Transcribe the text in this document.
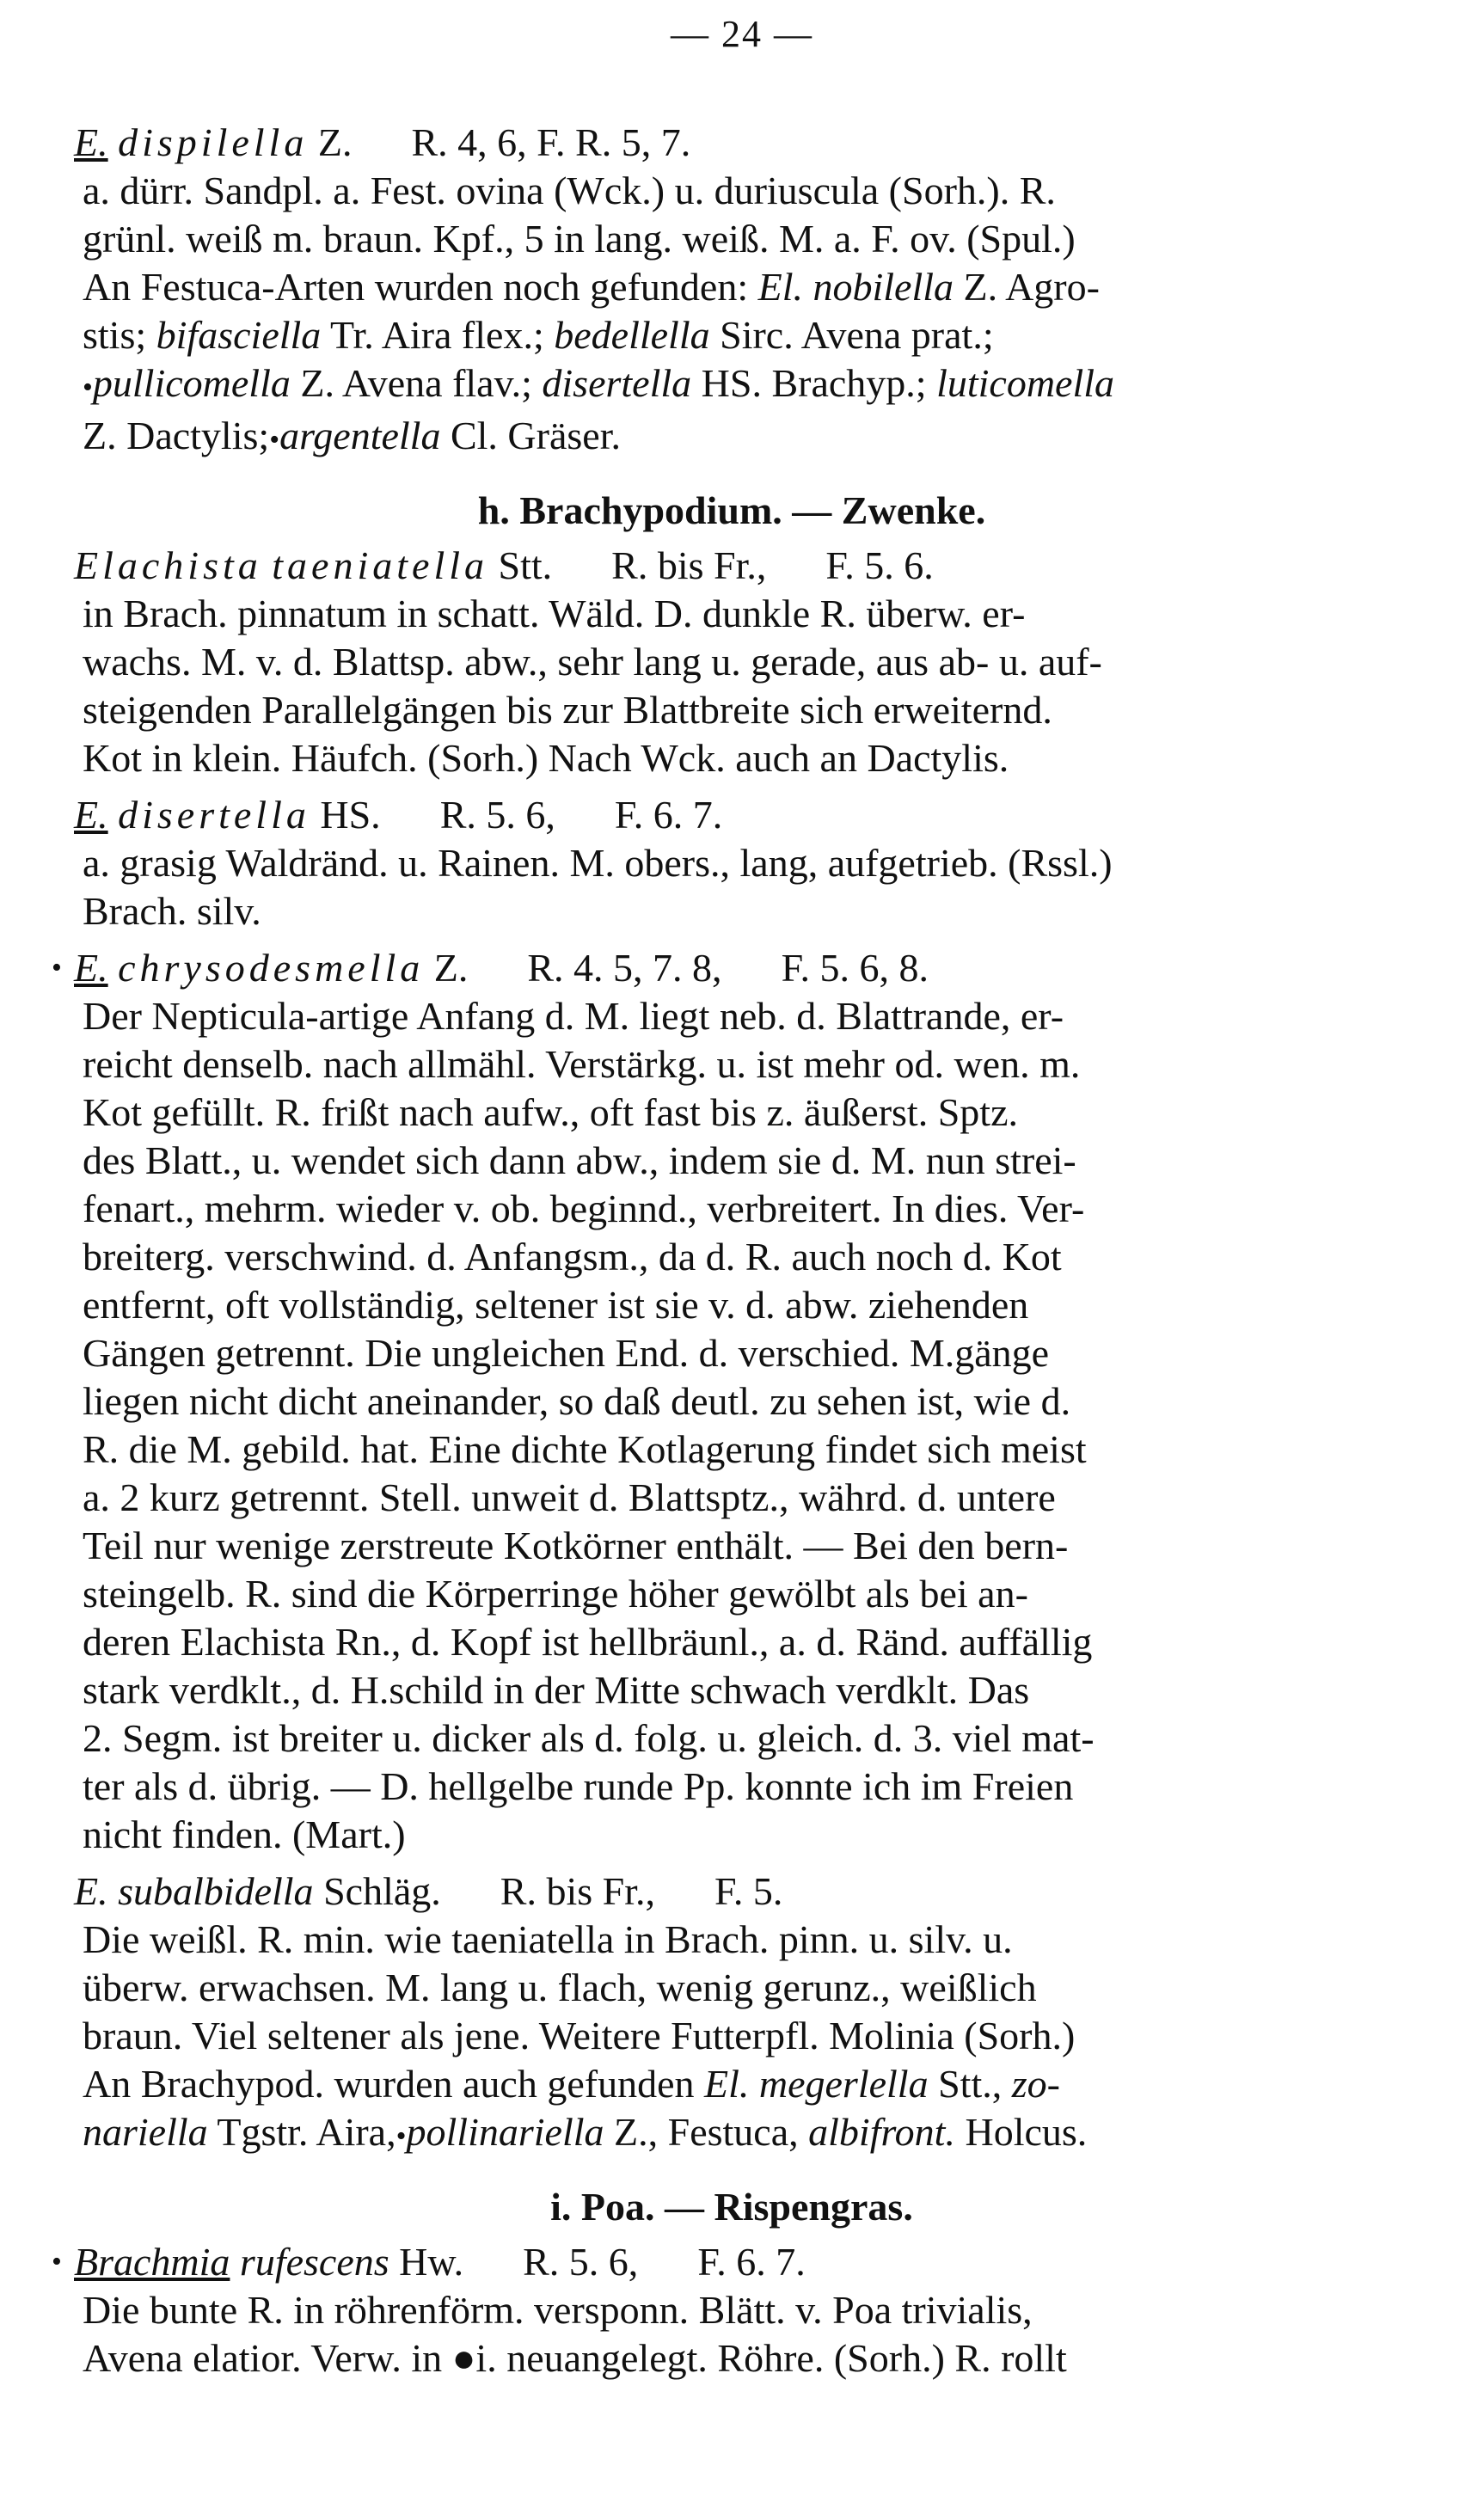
— 24 —
E. dispilella Z. R. 4, 6, F. R. 5, 7.
a. dürr. Sandpl. a. Fest. ovina (Wck.) u. duriuscula (Sorh.). R.
grünl. weiß m. braun. Kpf., 5 in lang. weiß. M. a. F. ov. (Spul.)
An Festuca-Arten wurden noch gefunden: El. nobilella Z. Agro-
stis; bifasciella Tr. Aira flex.; bedellella Sirc. Avena prat.;
•pullicomella Z. Avena flav.; disertella HS. Brachyp.; luticomella
Z. Dactylis;•argentella Cl. Gräser.
h. Brachypodium. — Zwenke.
Elachista taeniatella Stt. R. bis Fr., F. 5. 6.
in Brach. pinnatum in schatt. Wäld. D. dunkle R. überw. er-
wachs. M. v. d. Blattsp. abw., sehr lang u. gerade, aus ab- u. auf-
steigenden Parallelgängen bis zur Blattbreite sich erweiternd.
Kot in klein. Häufch. (Sorh.) Nach Wck. auch an Dactylis.
E. disertella HS. R. 5. 6, F. 6. 7.
a. grasig Waldränd. u. Rainen. M. obers., lang, aufgetrieb. (Rssl.)
Brach. silv.
• E. chrysodesmella Z. R. 4. 5, 7. 8, F. 5. 6, 8.
Der Nepticula-artige Anfang d. M. liegt neb. d. Blattrande, er-
reicht denselb. nach allmähl. Verstärkg. u. ist mehr od. wen. m.
Kot gefüllt. R. frißt nach aufw., oft fast bis z. äußerst. Sptz.
des Blatt., u. wendet sich dann abw., indem sie d. M. nun strei-
fenart., mehrm. wieder v. ob. beginnd., verbreitert. In dies. Ver-
breiterg. verschwind. d. Anfangsm., da d. R. auch noch d. Kot
entfernt, oft vollständig, seltener ist sie v. d. abw. ziehenden
Gängen getrennt. Die ungleichen End. d. verschied. M.gänge
liegen nicht dicht aneinander, so daß deutl. zu sehen ist, wie d.
R. die M. gebild. hat. Eine dichte Kotlagerung findet sich meist
a. 2 kurz getrennt. Stell. unweit d. Blattsptz., währd. d. untere
Teil nur wenige zerstreute Kotkörner enthält. — Bei den bern-
steingelb. R. sind die Körperringe höher gewölbt als bei an-
deren Elachista Rn., d. Kopf ist hellbräunl., a. d. Ränd. auffällig
stark verdklt., d. H.schild in der Mitte schwach verdklt. Das
2. Segm. ist breiter u. dicker als d. folg. u. gleich. d. 3. viel mat-
ter als d. übrig. — D. hellgelbe runde Pp. konnte ich im Freien
nicht finden. (Mart.)
E. subalbidella Schläg. R. bis Fr., F. 5.
Die weißl. R. min. wie taeniatella in Brach. pinn. u. silv. u.
überw. erwachsen. M. lang u. flach, wenig gerunz., weißlich
braun. Viel seltener als jene. Weitere Futterpfl. Molinia (Sorh.)
An Brachypod. wurden auch gefunden El. megerlella Stt., zo-
nariella Tgstr. Aira,•pollinariella Z., Festuca, albifront. Holcus.
i. Poa. — Rispengras.
• Brachmia rufescens Hw. R. 5. 6, F. 6. 7.
Die bunte R. in röhrenförm. versponn. Blätt. v. Poa trivialis,
Avena elatior. Verw. in ●i. neuangelegt. Röhre. (Sorh.) R. rollt
